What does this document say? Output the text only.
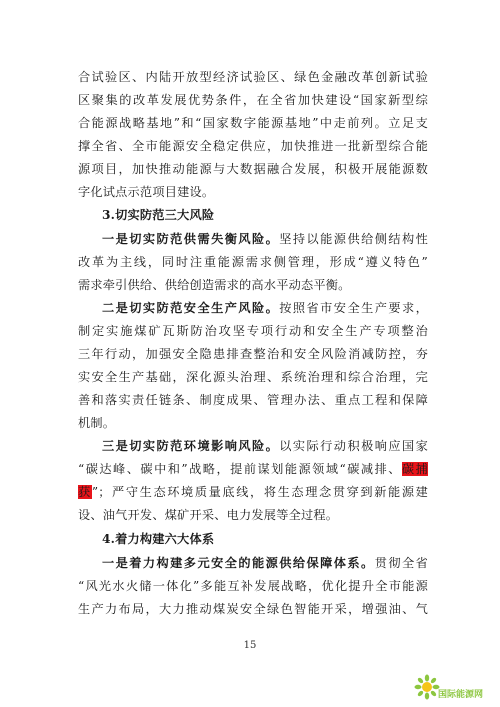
合试验区、内陆开放型经济试验区、绿色金融改革创新试验
区聚集的改革发展优势条件，在全省加快建设“国家新型综
合能源战略基地”和“国家数字能源基地”中走前列。立足支
撑全省、全市能源安全稳定供应，加快推进一批新型综合能
源项目，加快推动能源与大数据融合发展，积极开展能源数
字化试点示范项目建设。
3.切实防范三大风险
一是切实防范供需失衡风险。坚持以能源供给侧结构性
改革为主线，同时注重能源需求侧管理，形成“遵义特色”
需求牵引供给、供给创造需求的高水平动态平衡。
二是切实防范安全生产风险。按照省市安全生产要求，
制定实施煤矿瓦斯防治攻坚专项行动和安全生产专项整治
三年行动，加强安全隐患排查整治和安全风险消减防控，夯
实安全生产基础，深化源头治理、系统治理和综合治理，完
善和落实责任链条、制度成果、管理办法、重点工程和保障
机制。
三是切实防范环境影响风险。以实际行动积极响应国家
“碳达峰、碳中和”战略，提前谋划能源领域“碳减排、碳捕
获”；严守生态环境质量底线，将生态理念贯穿到新能源建
设、油气开发、煤矿开采、电力发展等全过程。
4.着力构建六大体系
一是着力构建多元安全的能源供给保障体系。贯彻全省
“风光水火储一体化”多能互补发展战略，优化提升全市能源
生产力布局，大力推动煤炭安全绿色智能开采，增强油、气
15
国际能源网
